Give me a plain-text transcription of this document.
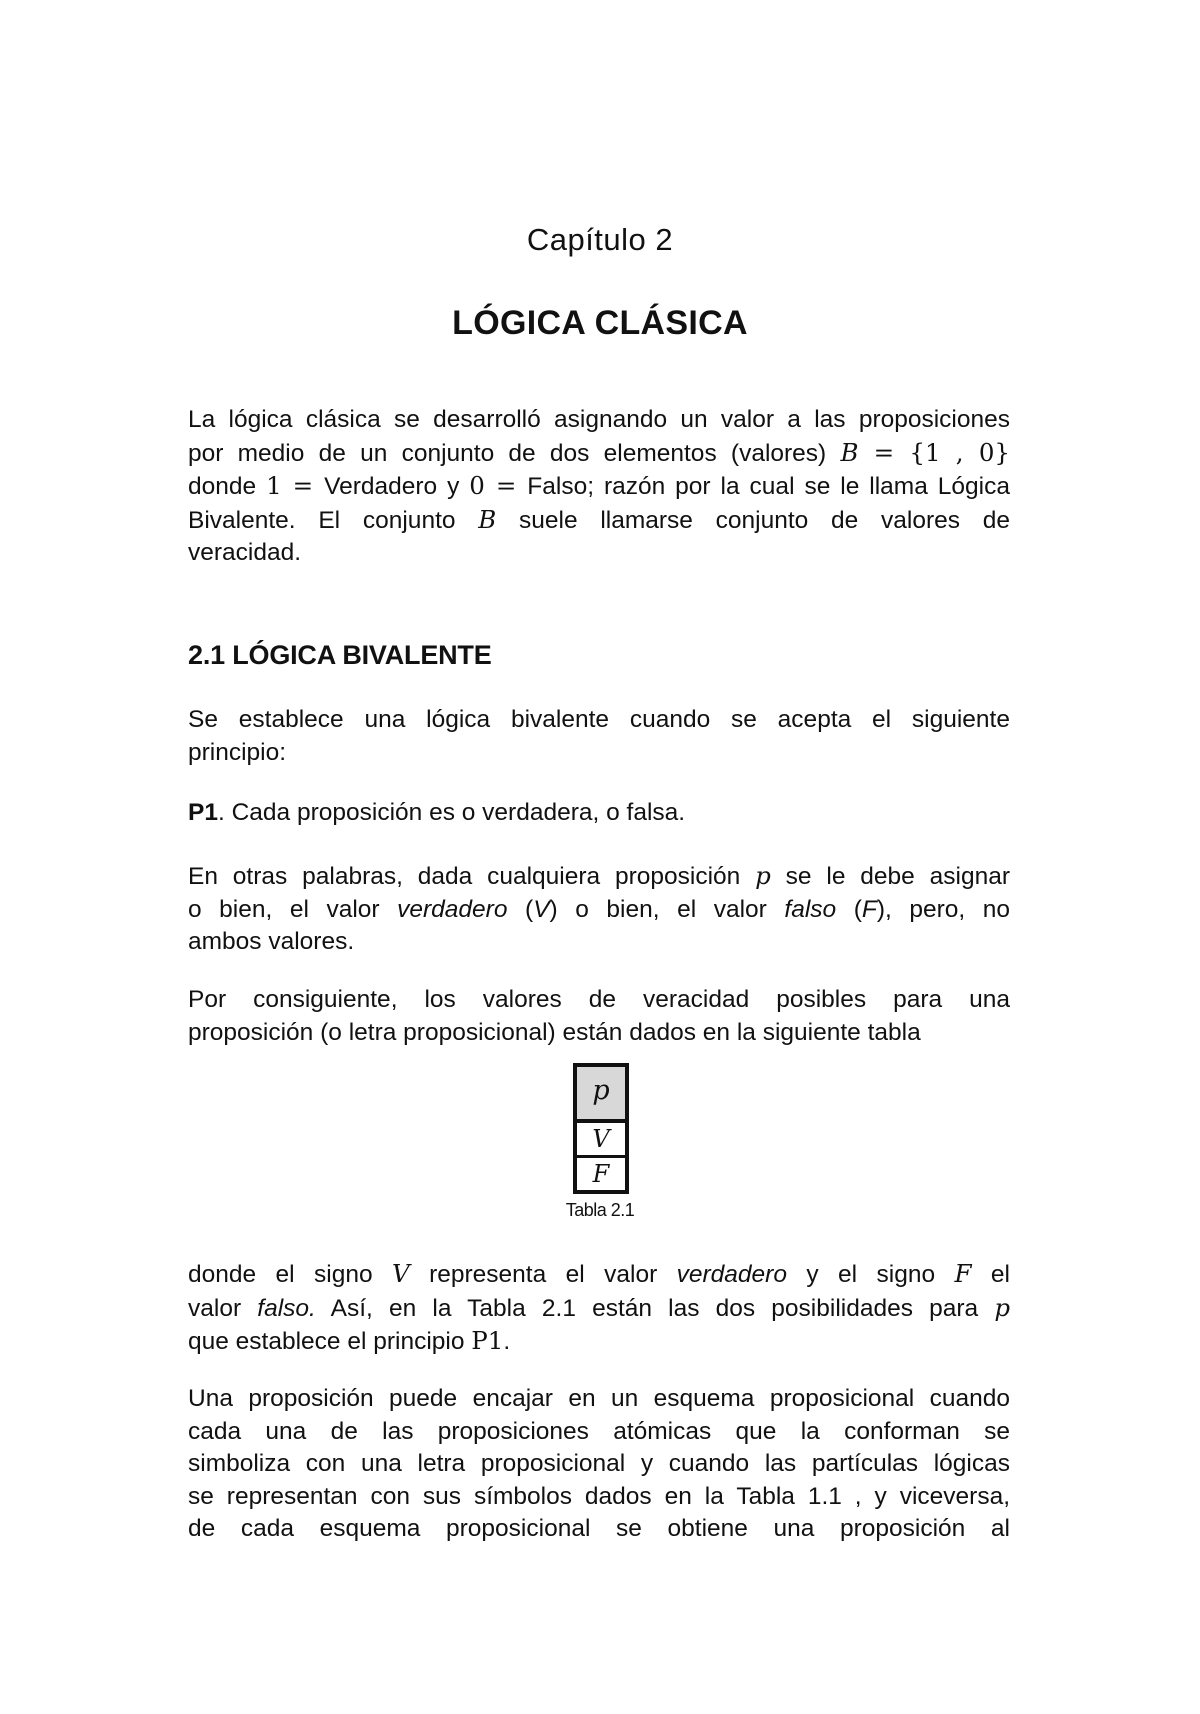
Capítulo 2
LÓGICA CLÁSICA

La lógica clásica se desarrolló asignando un valor a las proposiciones

por medio de un conjunto de dos elementos (valores) B = {1 , 0}

donde 1 = Verdadero y 0 = Falso; razón por la cual se le llama Lógica

Bivalente. El conjunto B suele llamarse conjunto de valores de

veracidad.

2.1 LÓGICA BIVALENTE

Se establece una lógica bivalente cuando se acepta el siguiente

principio:

P1. Cada proposición es o verdadera, o falsa.

En otras palabras, dada cualquiera proposición p se le debe asignar

o bien, el valor verdadero (V) o bien, el valor falso (F), pero, no

ambos valores.

Por consiguiente, los valores de veracidad posibles para una

proposición (o letra proposicional) están dados en la siguiente tabla

p
V
F
Tabla 2.1

donde el signo V representa el valor verdadero y el signo F el

valor falso. Así, en la Tabla 2.1 están las dos posibilidades para p

que establece el principio P1.

Una proposición puede encajar en un esquema proposicional cuando

cada una de las proposiciones atómicas que la conforman se

simboliza con una letra proposicional y cuando las partículas lógicas

se representan con sus símbolos dados en la Tabla 1.1 , y viceversa,

de cada esquema proposicional se obtiene una proposición al
